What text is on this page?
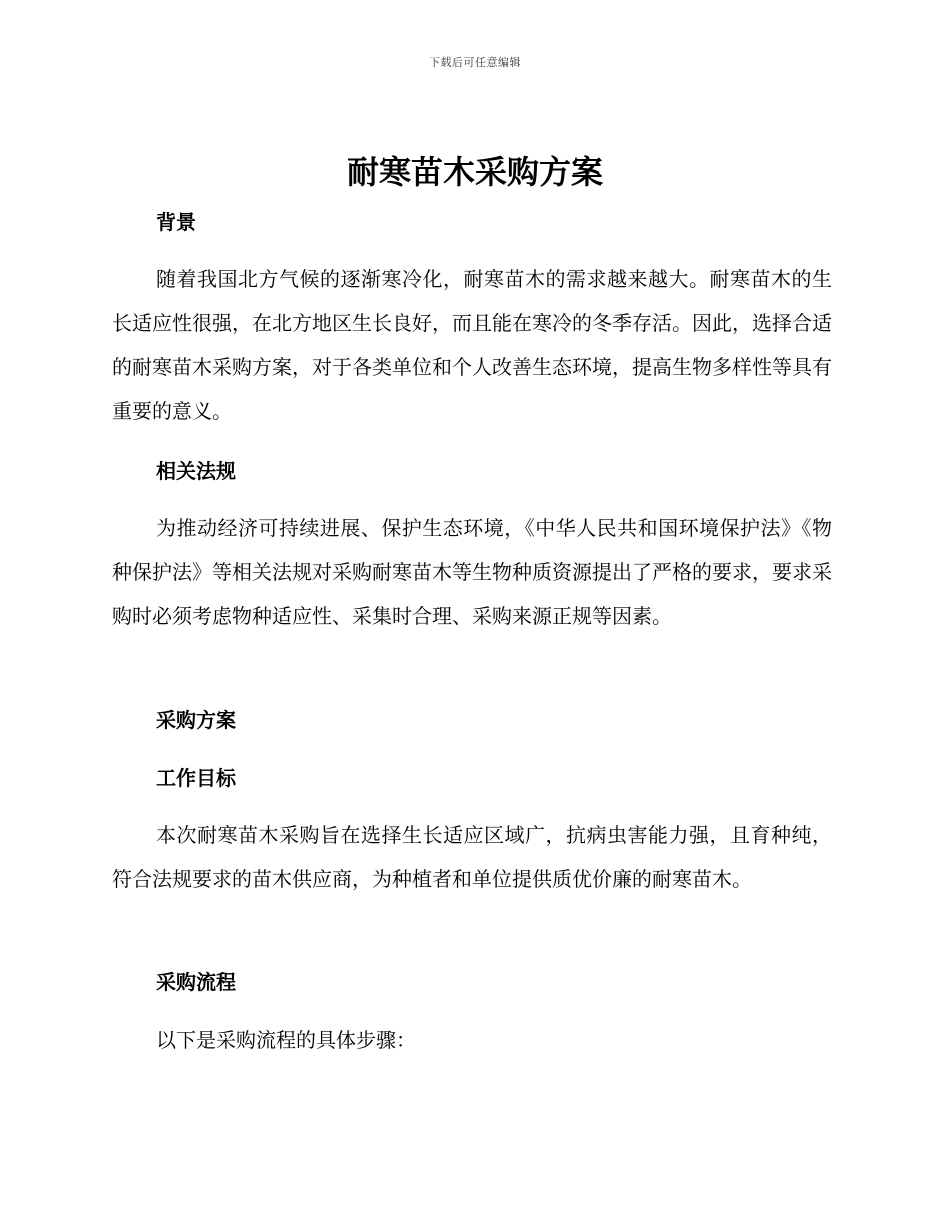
下载后可任意编辑
耐寒苗木采购方案
背景

随着我国北方气候的逐渐寒冷化，耐寒苗木的需求越来越大。耐寒苗木的生长适应性很强，在北方地区生长良好，而且能在寒冷的冬季存活。因此，选择合适的耐寒苗木采购方案，对于各类单位和个人改善生态环境，提高生物多样性等具有重要的意义。

相关法规

为推动经济可持续进展、保护生态环境，《中华人民共和国环境保护法》《物种保护法》等相关法规对采购耐寒苗木等生物种质资源提出了严格的要求，要求采购时必须考虑物种适应性、采集时合理、采购来源正规等因素。

采购方案
工作目标

本次耐寒苗木采购旨在选择生长适应区域广，抗病虫害能力强，且育种纯，符合法规要求的苗木供应商，为种植者和单位提供质优价廉的耐寒苗木。

采购流程

以下是采购流程的具体步骤：
